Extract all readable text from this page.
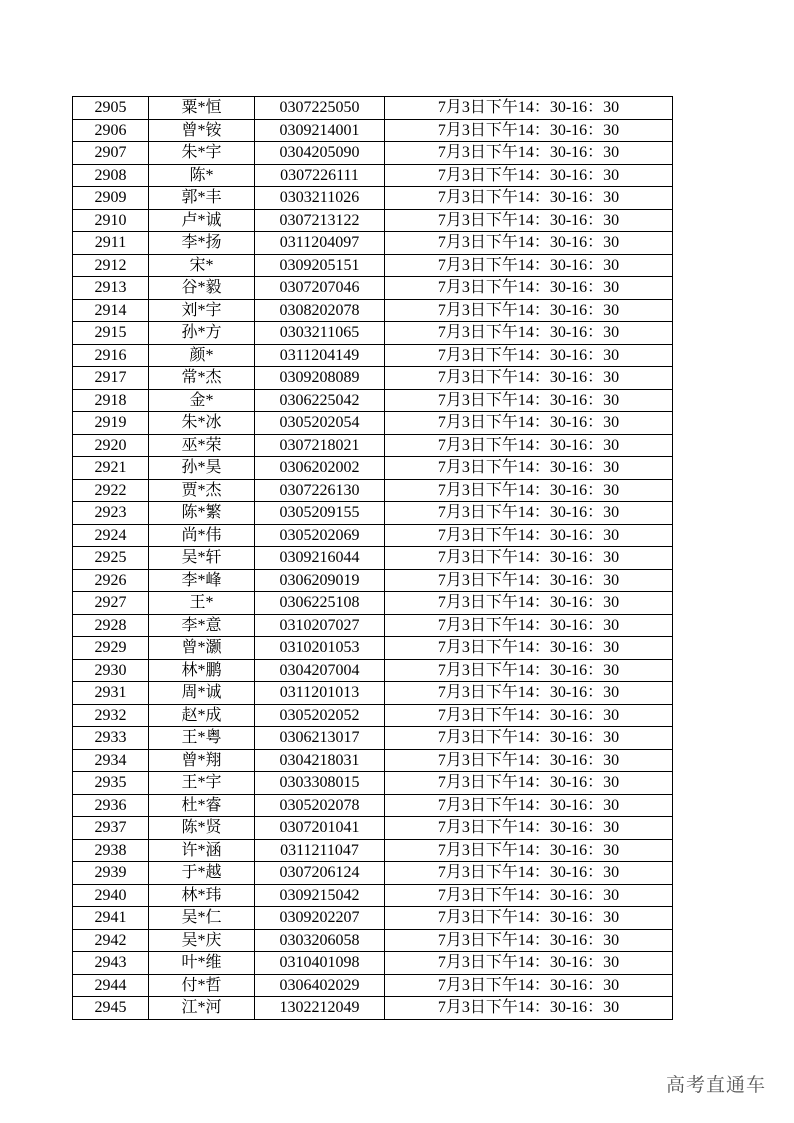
2905	粟*恒	0307225050	7月3日下午14：30-16：30
2906	曾*铵	0309214001	7月3日下午14：30-16：30
2907	朱*宇	0304205090	7月3日下午14：30-16：30
2908	陈*	0307226111	7月3日下午14：30-16：30
2909	郭*丰	0303211026	7月3日下午14：30-16：30
2910	卢*诚	0307213122	7月3日下午14：30-16：30
2911	李*扬	0311204097	7月3日下午14：30-16：30
2912	宋*	0309205151	7月3日下午14：30-16：30
2913	谷*毅	0307207046	7月3日下午14：30-16：30
2914	刘*宇	0308202078	7月3日下午14：30-16：30
2915	孙*方	0303211065	7月3日下午14：30-16：30
2916	颜*	0311204149	7月3日下午14：30-16：30
2917	常*杰	0309208089	7月3日下午14：30-16：30
2918	金*	0306225042	7月3日下午14：30-16：30
2919	朱*冰	0305202054	7月3日下午14：30-16：30
2920	巫*荣	0307218021	7月3日下午14：30-16：30
2921	孙*昊	0306202002	7月3日下午14：30-16：30
2922	贾*杰	0307226130	7月3日下午14：30-16：30
2923	陈*繁	0305209155	7月3日下午14：30-16：30
2924	尚*伟	0305202069	7月3日下午14：30-16：30
2925	吴*轩	0309216044	7月3日下午14：30-16：30
2926	李*峰	0306209019	7月3日下午14：30-16：30
2927	王*	0306225108	7月3日下午14：30-16：30
2928	李*意	0310207027	7月3日下午14：30-16：30
2929	曾*灏	0310201053	7月3日下午14：30-16：30
2930	林*鹏	0304207004	7月3日下午14：30-16：30
2931	周*诚	0311201013	7月3日下午14：30-16：30
2932	赵*成	0305202052	7月3日下午14：30-16：30
2933	王*粤	0306213017	7月3日下午14：30-16：30
2934	曾*翔	0304218031	7月3日下午14：30-16：30
2935	王*宇	0303308015	7月3日下午14：30-16：30
2936	杜*睿	0305202078	7月3日下午14：30-16：30
2937	陈*贤	0307201041	7月3日下午14：30-16：30
2938	许*涵	0311211047	7月3日下午14：30-16：30
2939	于*越	0307206124	7月3日下午14：30-16：30
2940	林*玮	0309215042	7月3日下午14：30-16：30
2941	吴*仁	0309202207	7月3日下午14：30-16：30
2942	吴*庆	0303206058	7月3日下午14：30-16：30
2943	叶*维	0310401098	7月3日下午14：30-16：30
2944	付*哲	0306402029	7月3日下午14：30-16：30
2945	江*河	1302212049	7月3日下午14：30-16：30
高考直通车
